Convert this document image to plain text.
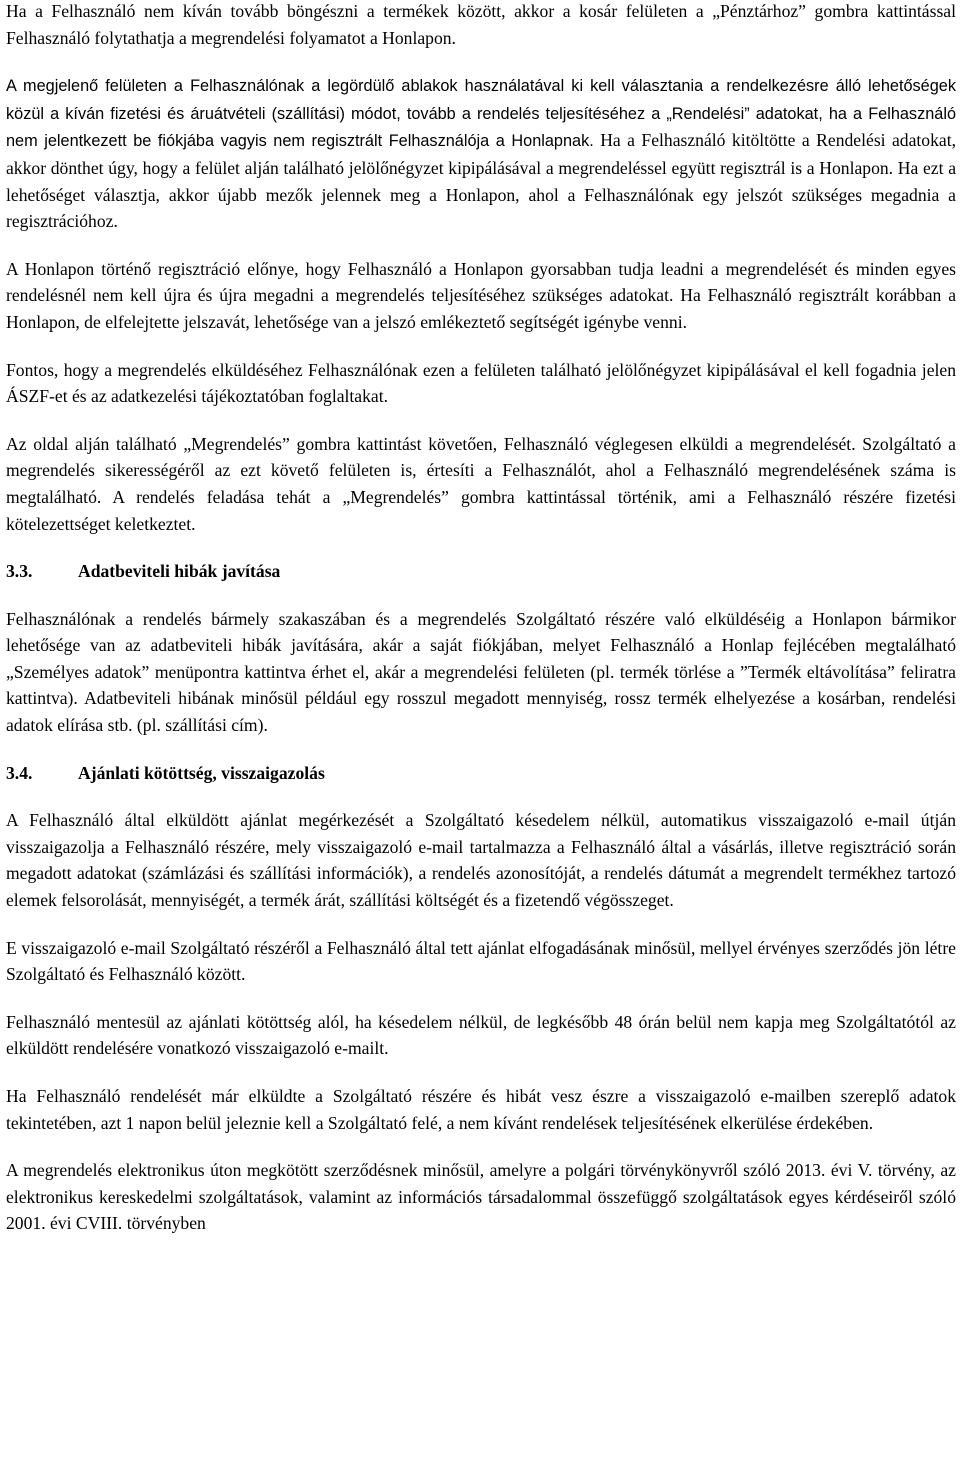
Ha a Felhasználó nem kíván tovább böngészni a termékek között, akkor a kosár felületen a „Pénztárhoz” gombra kattintással Felhasználó folytathatja a megrendelési folyamatot a Honlapon.

A megjelenő felületen a Felhasználónak a legördülő ablakok használatával ki kell választania a rendelkezésre álló lehetőségek közül a kíván fizetési és áruátvételi (szállítási) módot, tovább a rendelés teljesítéséhez a „Rendelési” adatokat, ha a Felhasználó nem jelentkezett be fiókjába vagyis nem regisztrált Felhasználója a Honlapnak. Ha a Felhasználó kitöltötte a Rendelési adatokat, akkor dönthet úgy, hogy a felület alján található jelölőnégyzet kipipálásával a megrendeléssel együtt regisztrál is a Honlapon. Ha ezt a lehetőséget választja, akkor újabb mezők jelennek meg a Honlapon, ahol a Felhasználónak egy jelszót szükséges megadnia a regisztrációhoz.

A Honlapon történő regisztráció előnye, hogy Felhasználó a Honlapon gyorsabban tudja leadni a megrendelését és minden egyes rendelésnél nem kell újra és újra megadni a megrendelés teljesítéséhez szükséges adatokat. Ha Felhasználó regisztrált korábban a Honlapon, de elfelejtette jelszavát, lehetősége van a jelszó emlékeztető segítségét igénybe venni.

Fontos, hogy a megrendelés elküldéséhez Felhasználónak ezen a felületen található jelölőnégyzet kipipálásával el kell fogadnia jelen ÁSZF-et és az adatkezelési tájékoztatóban foglaltakat.

Az oldal alján található „Megrendelés” gombra kattintást követően, Felhasználó véglegesen elküldi a megrendelését. Szolgáltató a megrendelés sikerességéről az ezt követő felületen is, értesíti a Felhasználót, ahol a Felhasználó megrendelésének száma is megtalálható. A rendelés feladása tehát a „Megrendelés” gombra kattintással történik, ami a Felhasználó részére fizetési kötelezettséget keletkeztet.

3.3.	Adatbeviteli hibák javítása

Felhasználónak a rendelés bármely szakaszában és a megrendelés Szolgáltató részére való elküldéséig a Honlapon bármikor lehetősége van az adatbeviteli hibák javítására, akár a saját fiókjában, melyet Felhasználó a Honlap fejlécében megtalálható „Személyes adatok” menüpontra kattintva érhet el, akár a megrendelési felületen (pl. termék törlése a ”Termék eltávolítása” feliratra kattintva). Adatbeviteli hibának minősül például egy rosszul megadott mennyiség, rossz termék elhelyezése a kosárban, rendelési adatok elírása stb. (pl. szállítási cím).

3.4.	Ajánlati kötöttség, visszaigazolás

A Felhasználó által elküldött ajánlat megérkezését a Szolgáltató késedelem nélkül, automatikus visszaigazoló e-mail útján visszaigazolja a Felhasználó részére, mely visszaigazoló e-mail tartalmazza a Felhasználó által a vásárlás, illetve regisztráció során megadott adatokat (számlázási és szállítási információk), a rendelés azonosítóját, a rendelés dátumát a megrendelt termékhez tartozó elemek felsorolását, mennyiségét, a termék árát, szállítási költségét és a fizetendő végösszeget.

E visszaigazoló e-mail Szolgáltató részéről a Felhasználó által tett ajánlat elfogadásának minősül, mellyel érvényes szerződés jön létre Szolgáltató és Felhasználó között.

Felhasználó mentesül az ajánlati kötöttség alól, ha késedelem nélkül, de legkésőbb 48 órán belül nem kapja meg Szolgáltatótól az elküldött rendelésére vonatkozó visszaigazoló e-mailt.

Ha Felhasználó rendelését már elküldte a Szolgáltató részére és hibát vesz észre a visszaigazoló e-mailben szereplő adatok tekintetében, azt 1 napon belül jeleznie kell a Szolgáltató felé, a nem kívánt rendelések teljesítésének elkerülése érdekében.

A megrendelés elektronikus úton megkötött szerződésnek minősül, amelyre a polgári törvénykönyvről szóló 2013. évi V. törvény, az elektronikus kereskedelmi szolgáltatások, valamint az információs társadalommal összefüggő szolgáltatások egyes kérdéseiről szóló 2001. évi CVIII. törvényben
